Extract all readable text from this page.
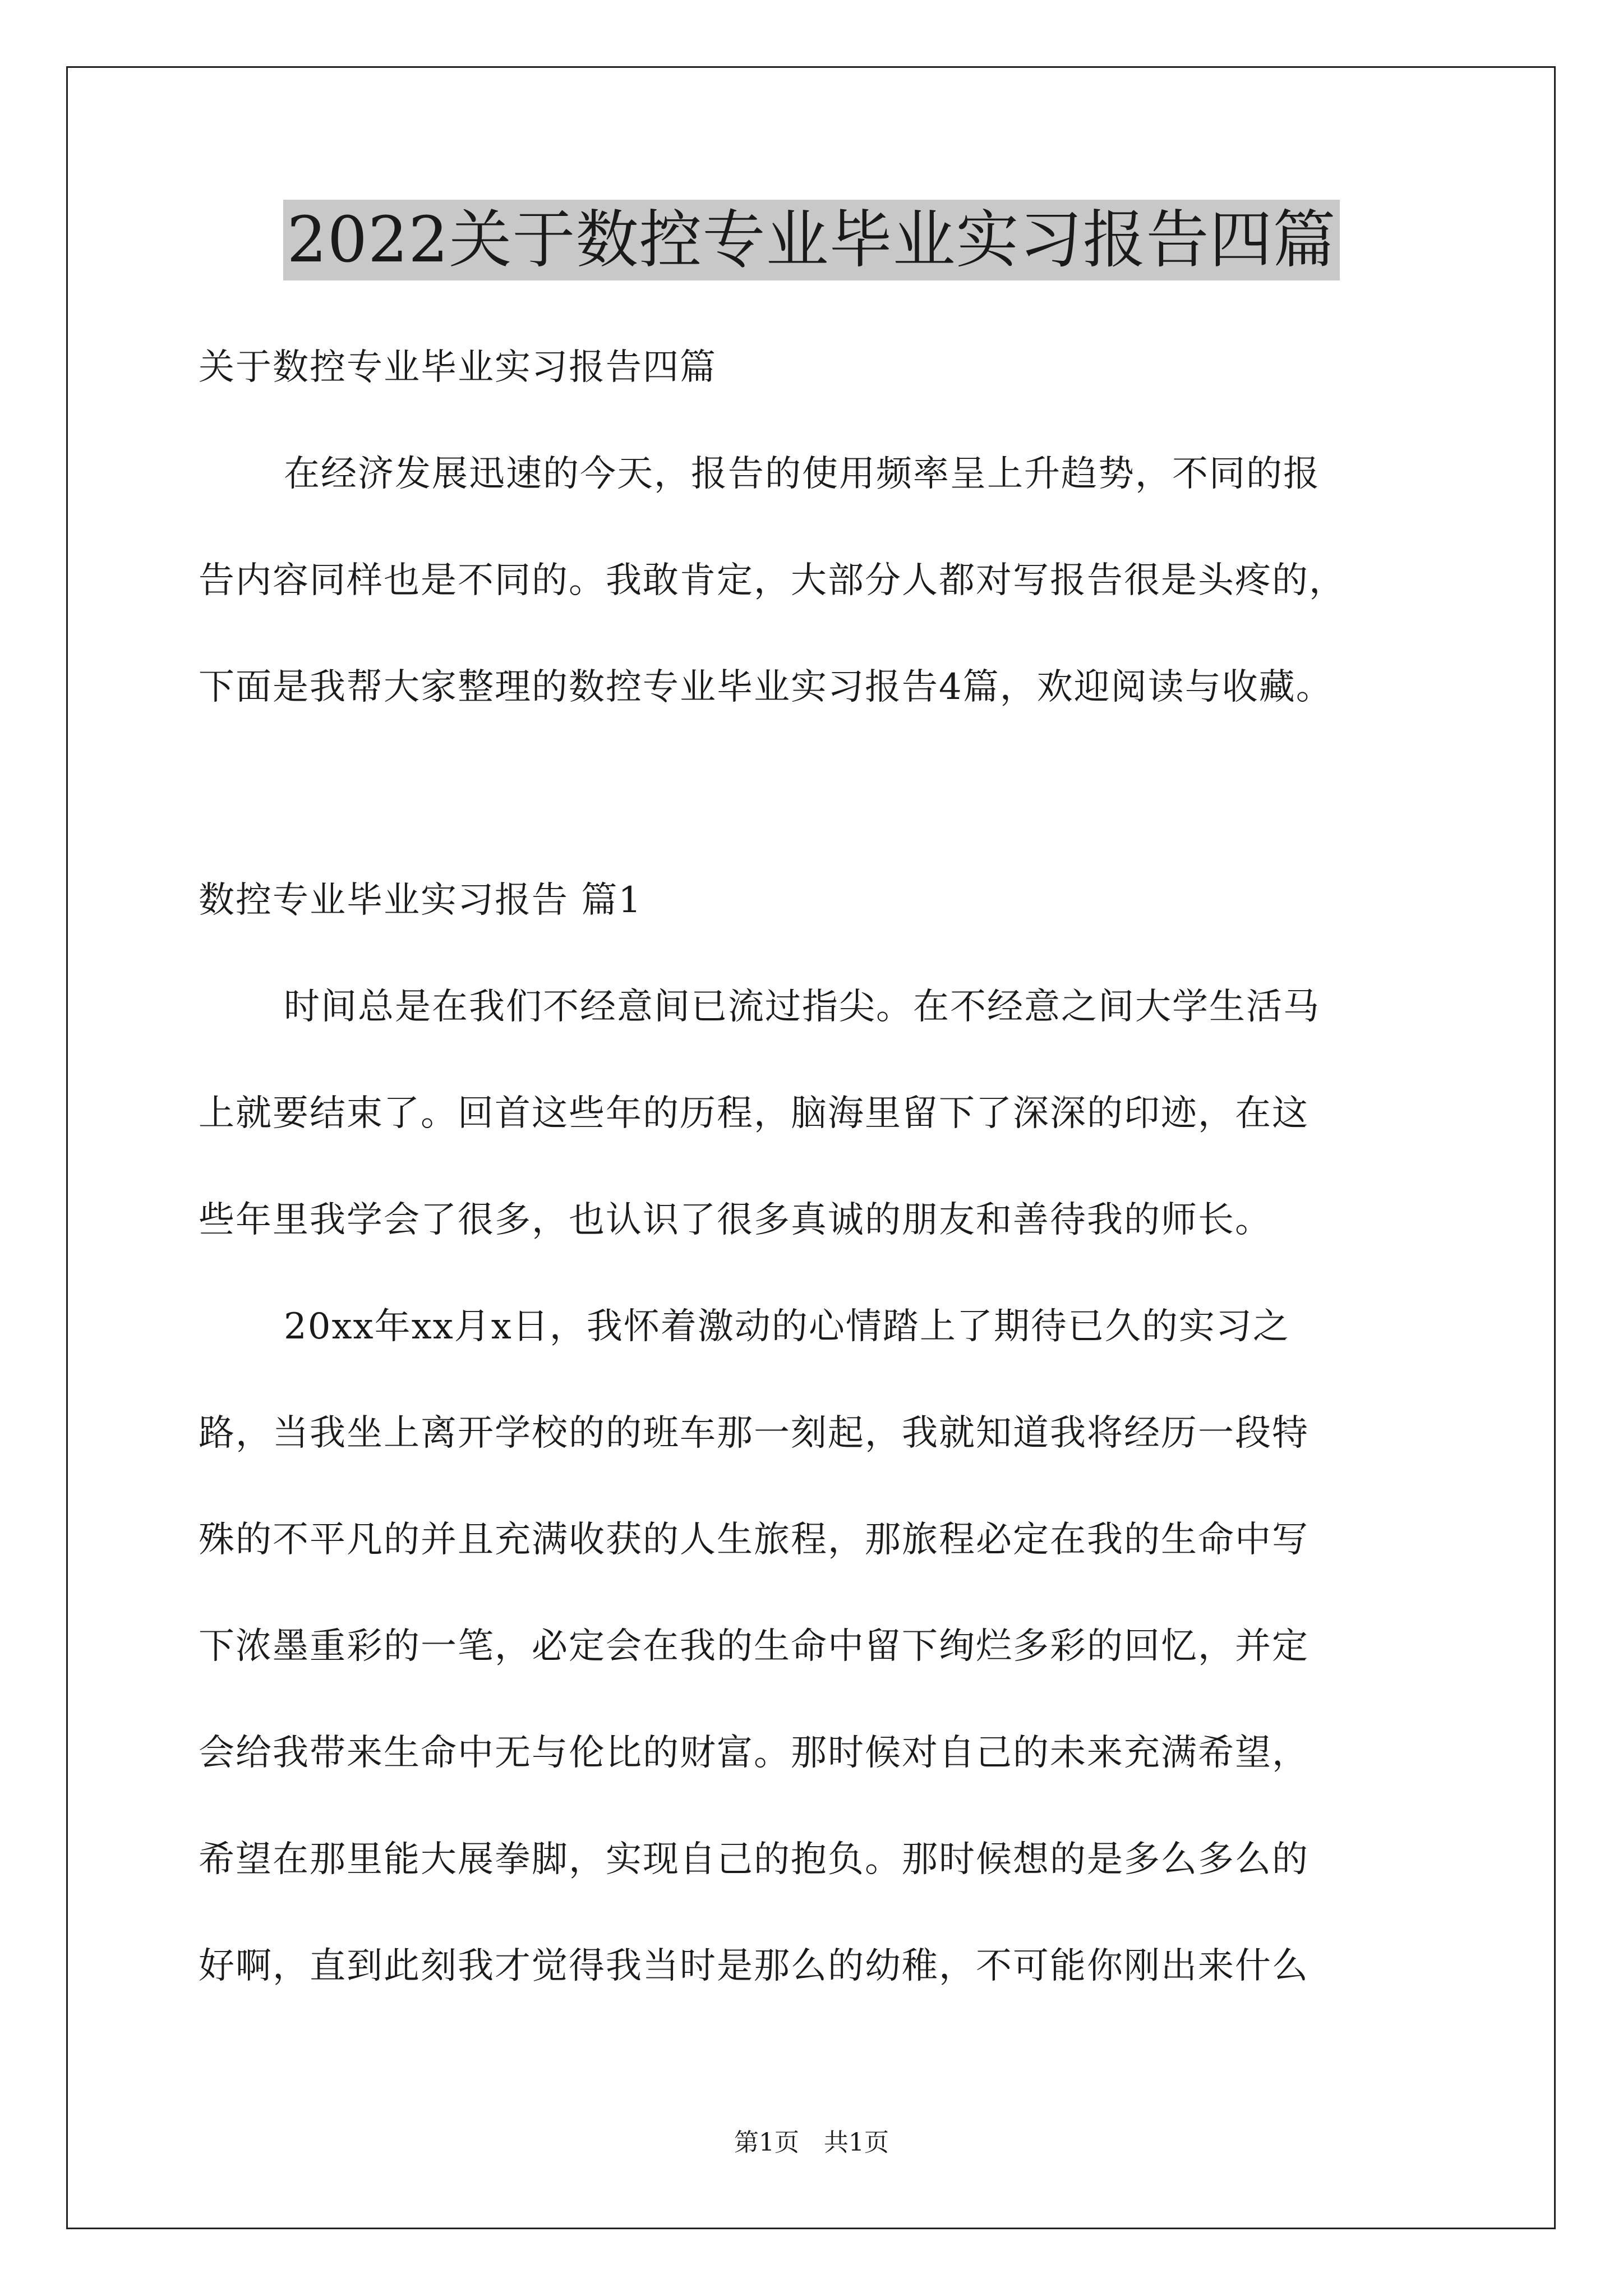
2022关于数控专业毕业实习报告四篇
关于数控专业毕业实习报告四篇
在经济发展迅速的今天，报告的使用频率呈上升趋势，不同的报
告内容同样也是不同的。我敢肯定，大部分人都对写报告很是头疼的，
下面是我帮大家整理的数控专业毕业实习报告4篇，欢迎阅读与收藏。
数控专业毕业实习报告 篇1
时间总是在我们不经意间已流过指尖。在不经意之间大学生活马
上就要结束了。回首这些年的历程，脑海里留下了深深的印迹，在这
些年里我学会了很多，也认识了很多真诚的朋友和善待我的师长。
20xx年xx月x日，我怀着激动的心情踏上了期待已久的实习之
路，当我坐上离开学校的的班车那一刻起，我就知道我将经历一段特
殊的不平凡的并且充满收获的人生旅程，那旅程必定在我的生命中写
下浓墨重彩的一笔，必定会在我的生命中留下绚烂多彩的回忆，并定
会给我带来生命中无与伦比的财富。那时候对自己的未来充满希望，
希望在那里能大展拳脚，实现自己的抱负。那时候想的是多么多么的
好啊，直到此刻我才觉得我当时是那么的幼稚，不可能你刚出来什么
第1页　共1页
